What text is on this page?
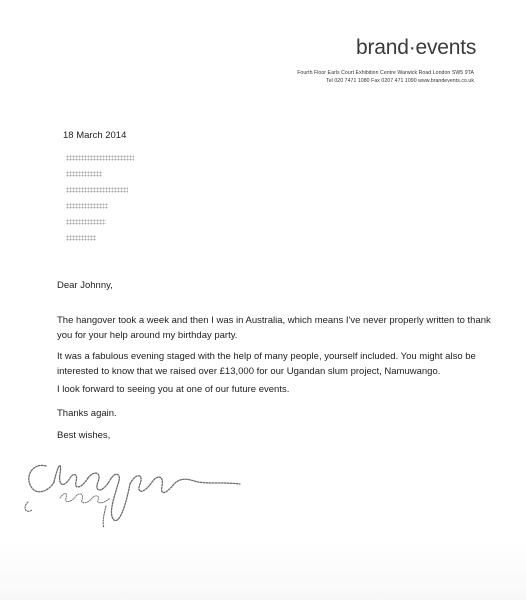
brand·events
Fourth Floor Earls Court Exhibition Centre Warwick Road London SW5 9TA
Tel 020 7471 1080 Fax 0207 471 1090 www.brandevents.co.uk
18 March 2014
Dear Johnny,
The hangover took a week and then I was in Australia, which means I've never properly written to thank
you for your help around my birthday party.
It was a fabulous evening staged with the help of many people, yourself included. You might also be
interested to know that we raised over £13,000 for our Ugandan slum project, Namuwango.
I look forward to seeing you at one of our future events.
Thanks again.
Best wishes,
